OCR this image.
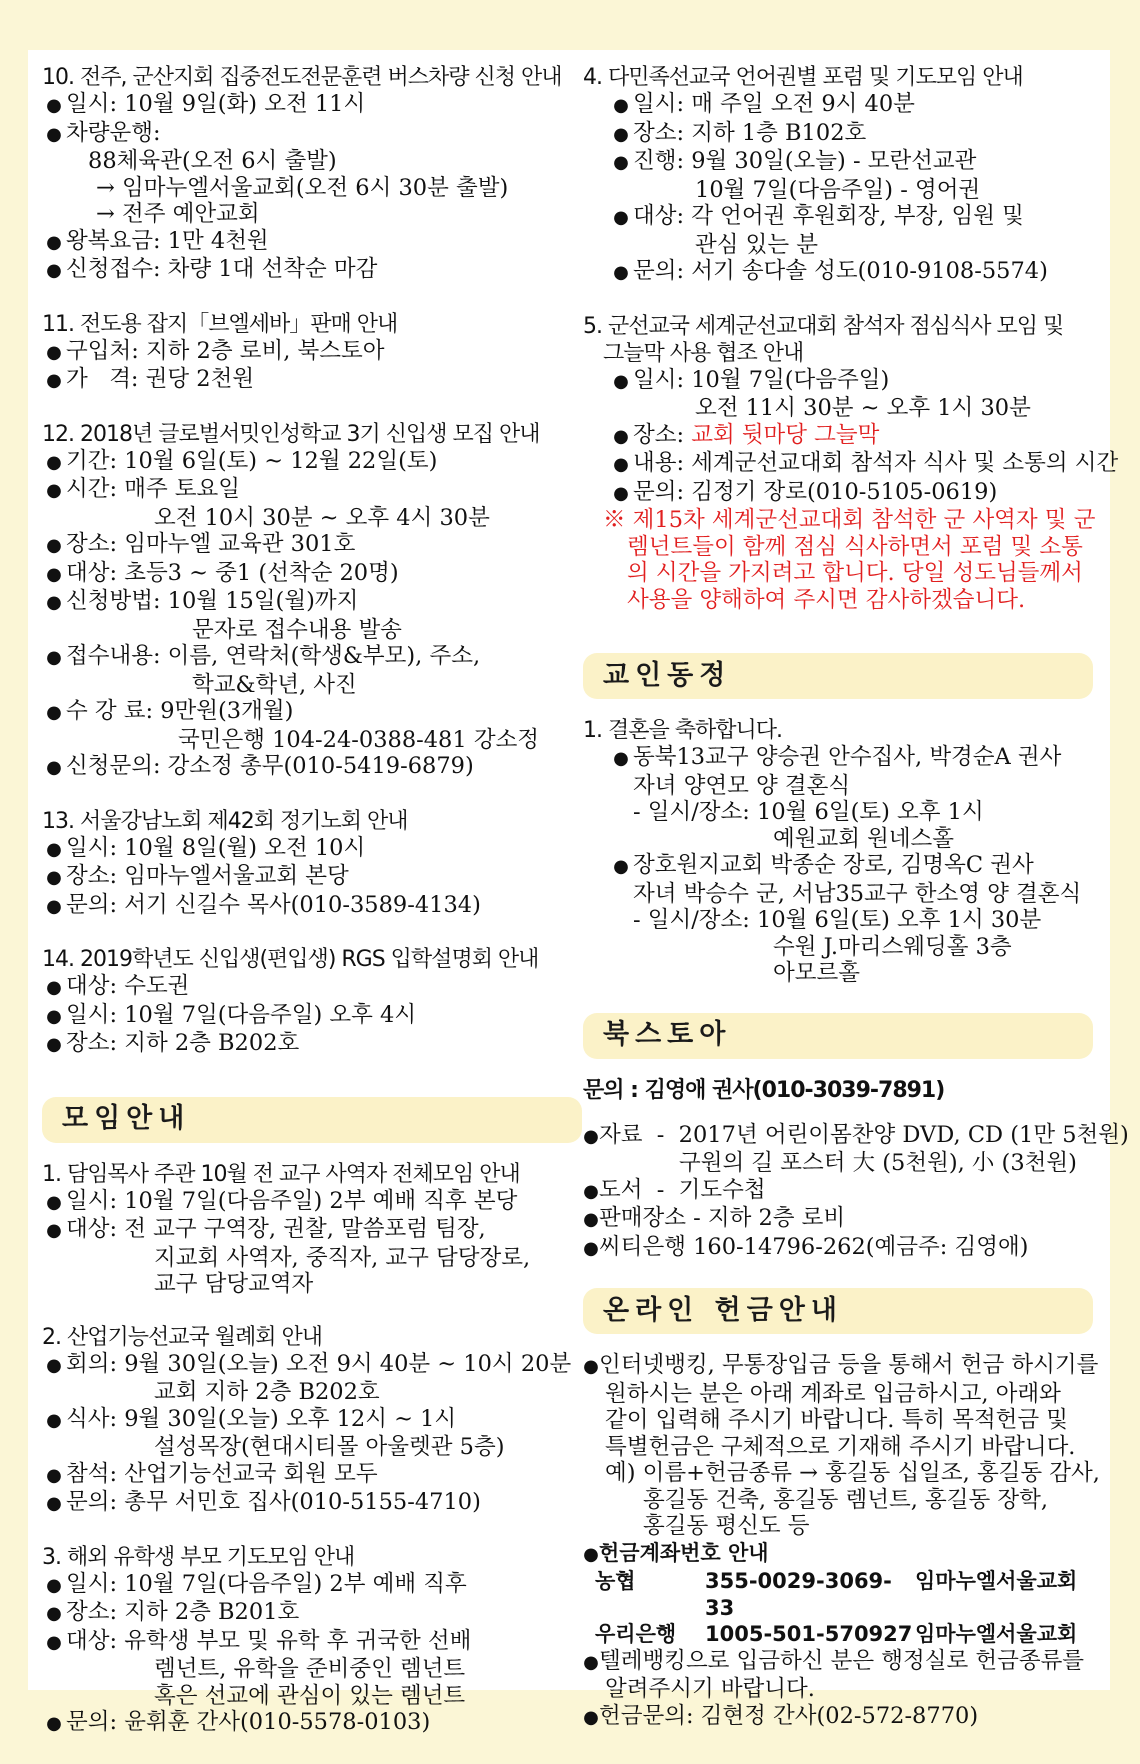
10. 전주, 군산지회 집중전도전문훈련 버스차량 신청 안내

● 일시: 10월 9일(화) 오전 11시
● 차량운행:
88체육관(오전 6시 출발)
→ 임마누엘서울교회(오전 6시 30분 출발)
→ 전주 예안교회
● 왕복요금: 1만 4천원
● 신청접수: 차량 1대 선착순 마감

11. 전도용 잡지「브엘세바」판매 안내

● 구입처: 지하 2층 로비, 북스토아
● 가   격: 권당 2천원

12. 2018년 글로벌서밋인성학교 3기 신입생 모집 안내

● 기간: 10월 6일(토) ~ 12월 22일(토)
● 시간: 매주 토요일
오전 10시 30분 ~ 오후 4시 30분
● 장소: 임마누엘 교육관 301호
● 대상: 초등3 ~ 중1 (선착순 20명)
● 신청방법: 10월 15일(월)까지
문자로 접수내용 발송
● 접수내용: 이름, 연락처(학생&부모), 주소,
학교&학년, 사진
● 수 강 료: 9만원(3개월)
국민은행 104-24-0388-481 강소정
● 신청문의: 강소정 총무(010-5419-6879)

13. 서울강남노회 제42회 정기노회 안내

● 일시: 10월 8일(월) 오전 10시
● 장소: 임마누엘서울교회 본당
● 문의: 서기 신길수 목사(010-3589-4134)

14. 2019학년도 신입생(편입생) RGS 입학설명회 안내

● 대상: 수도권
● 일시: 10월 7일(다음주일) 오후 4시
● 장소: 지하 2층 B202호
모임안내

1. 담임목사 주관 10월 전 교구 사역자 전체모임 안내

● 일시: 10월 7일(다음주일) 2부 예배 직후 본당
● 대상: 전 교구 구역장, 권찰, 말씀포럼 팀장,
지교회 사역자, 중직자, 교구 담당장로,
교구 담당교역자

2. 산업기능선교국 월례회 안내

● 회의: 9월 30일(오늘) 오전 9시 40분 ~ 10시 20분
교회 지하 2층 B202호
● 식사: 9월 30일(오늘) 오후 12시 ~ 1시
설성목장(현대시티몰 아울렛관 5층)
● 참석: 산업기능선교국 회원 모두
● 문의: 총무 서민호 집사(010-5155-4710)

3. 해외 유학생 부모 기도모임 안내

● 일시: 10월 7일(다음주일) 2부 예배 직후
● 장소: 지하 2층 B201호
● 대상: 유학생 부모 및 유학 후 귀국한 선배
렘넌트, 유학을 준비중인 렘넌트
혹은 선교에 관심이 있는 렘넌트
● 문의: 윤휘훈 간사(010-5578-0103)

4. 다민족선교국 언어권별 포럼 및 기도모임 안내

● 일시: 매 주일 오전 9시 40분
● 장소: 지하 1층 B102호
● 진행: 9월 30일(오늘) - 모란선교관
10월 7일(다음주일) - 영어권
● 대상: 각 언어권 후원회장, 부장, 임원 및
관심 있는 분
● 문의: 서기 송다솔 성도(010-9108-5574)

5. 군선교국 세계군선교대회 참석자 점심식사 모임 및

그늘막 사용 협조 안내

● 일시: 10월 7일(다음주일)
오전 11시 30분 ~ 오후 1시 30분
● 장소: 교회 뒷마당 그늘막
● 내용: 세계군선교대회 참석자 식사 및 소통의 시간
● 문의: 김정기 장로(010-5105-0619)
※ 제15차 세계군선교대회 참석한 군 사역자 및 군
렘넌트들이 함께 점심 식사하면서 포럼 및 소통
의 시간을 가지려고 합니다. 당일 성도님들께서
사용을 양해하여 주시면 감사하겠습니다.
교인동정

1. 결혼을 축하합니다.

● 동북13교구 양승권 안수집사, 박경순A 권사
자녀 양연모 양 결혼식
- 일시/장소: 10월 6일(토) 오후 1시
예원교회 원네스홀
● 장호원지교회 박종순 장로, 김명옥C 권사
자녀 박승수 군, 서남35교구 한소영 양 결혼식
- 일시/장소: 10월 6일(토) 오후 1시 30분
수원 J.마리스웨딩홀 3층
아모르홀
북스토아

문의 : 김영애 권사(010-3039-7891)

● 자료  -  2017년 어린이몸찬양 DVD, CD (1만 5천원)
구원의 길 포스터 大 (5천원), 小 (3천원)
● 도서  -  기도수첩
● 판매장소 - 지하 2층 로비
● 씨티은행 160-14796-262(예금주: 김영애)
온라인 헌금안내
● 인터넷뱅킹, 무통장입금 등을 통해서 헌금 하시기를
원하시는 분은 아래 계좌로 입금하시고, 아래와
같이 입력해 주시기 바랍니다. 특히 목적헌금 및
특별헌금은 구체적으로 기재해 주시기 바랍니다.
예) 이름+헌금종류 → 홍길동 십일조, 홍길동 감사,
홍길동 건축, 홍길동 렘넌트, 홍길동 장학,
홍길동 평신도 등
● 헌금계좌번호 안내
농협	355-0029-3069-33
임마누엘서울교회
우리은행	1005-501-570927 임마누엘서울교회
● 텔레뱅킹으로 입금하신 분은 행정실로 헌금종류를
알려주시기 바랍니다.
● 헌금문의: 김현정 간사(02-572-8770)
